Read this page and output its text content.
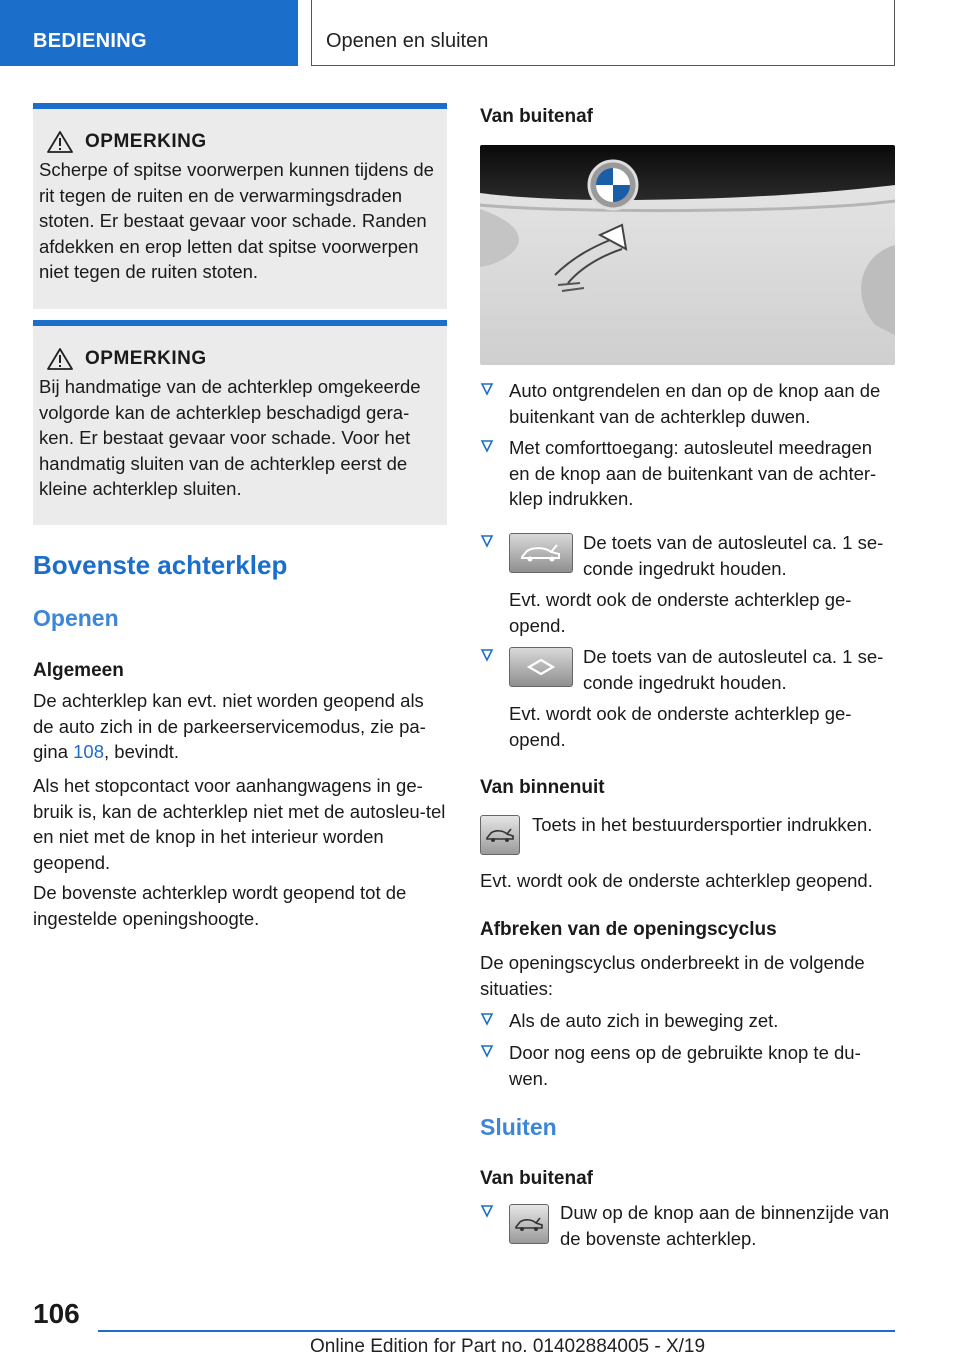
BEDIENING	Openen en sluiten
OPMERKING
Scherpe of spitse voorwerpen kunnen tijdens de rit tegen de ruiten en de verwarmingsdraden stoten. Er bestaat gevaar voor schade. Randen afdekken en erop letten dat spitse voorwerpen niet tegen de ruiten stoten.
OPMERKING
Bij handmatige van de achterklep omgekeerde volgorde kan de achterklep beschadigd gera-ken. Er bestaat gevaar voor schade. Voor het handmatig sluiten van de achterklep eerst de kleine achterklep sluiten.
Bovenste achterklep
Openen
Algemeen
De achterklep kan evt. niet worden geopend als de auto zich in de parkeerservicemodus, zie pa-gina 108, bevindt.
Als het stopcontact voor aanhangwagens in ge-bruik is, kan de achterklep niet met de autosleu-tel en niet met de knop in het interieur worden geopend.
De bovenste achterklep wordt geopend tot de ingestelde openingshoogte.
Van buitenaf
Auto ontgrendelen en dan op de knop aan de buitenkant van de achterklep duwen.
Met comforttoegang: autosleutel meedragen en de knop aan de buitenkant van de achter-klep indrukken.
De toets van de autosleutel ca. 1 se-conde ingedrukt houden.
Evt. wordt ook de onderste achterklep ge-opend.
De toets van de autosleutel ca. 1 se-conde ingedrukt houden.
Evt. wordt ook de onderste achterklep ge-opend.
Van binnenuit
Toets in het bestuurdersportier indrukken.
Evt. wordt ook de onderste achterklep geopend.
Afbreken van de openingscyclus
De openingscyclus onderbreekt in de volgende situaties:
Als de auto zich in beweging zet.
Door nog eens op de gebruikte knop te du-wen.
Sluiten
Van buitenaf
Duw op de knop aan de binnenzijde van de bovenste achterklep.
106
Online Edition for Part no. 01402884005 - X/19
